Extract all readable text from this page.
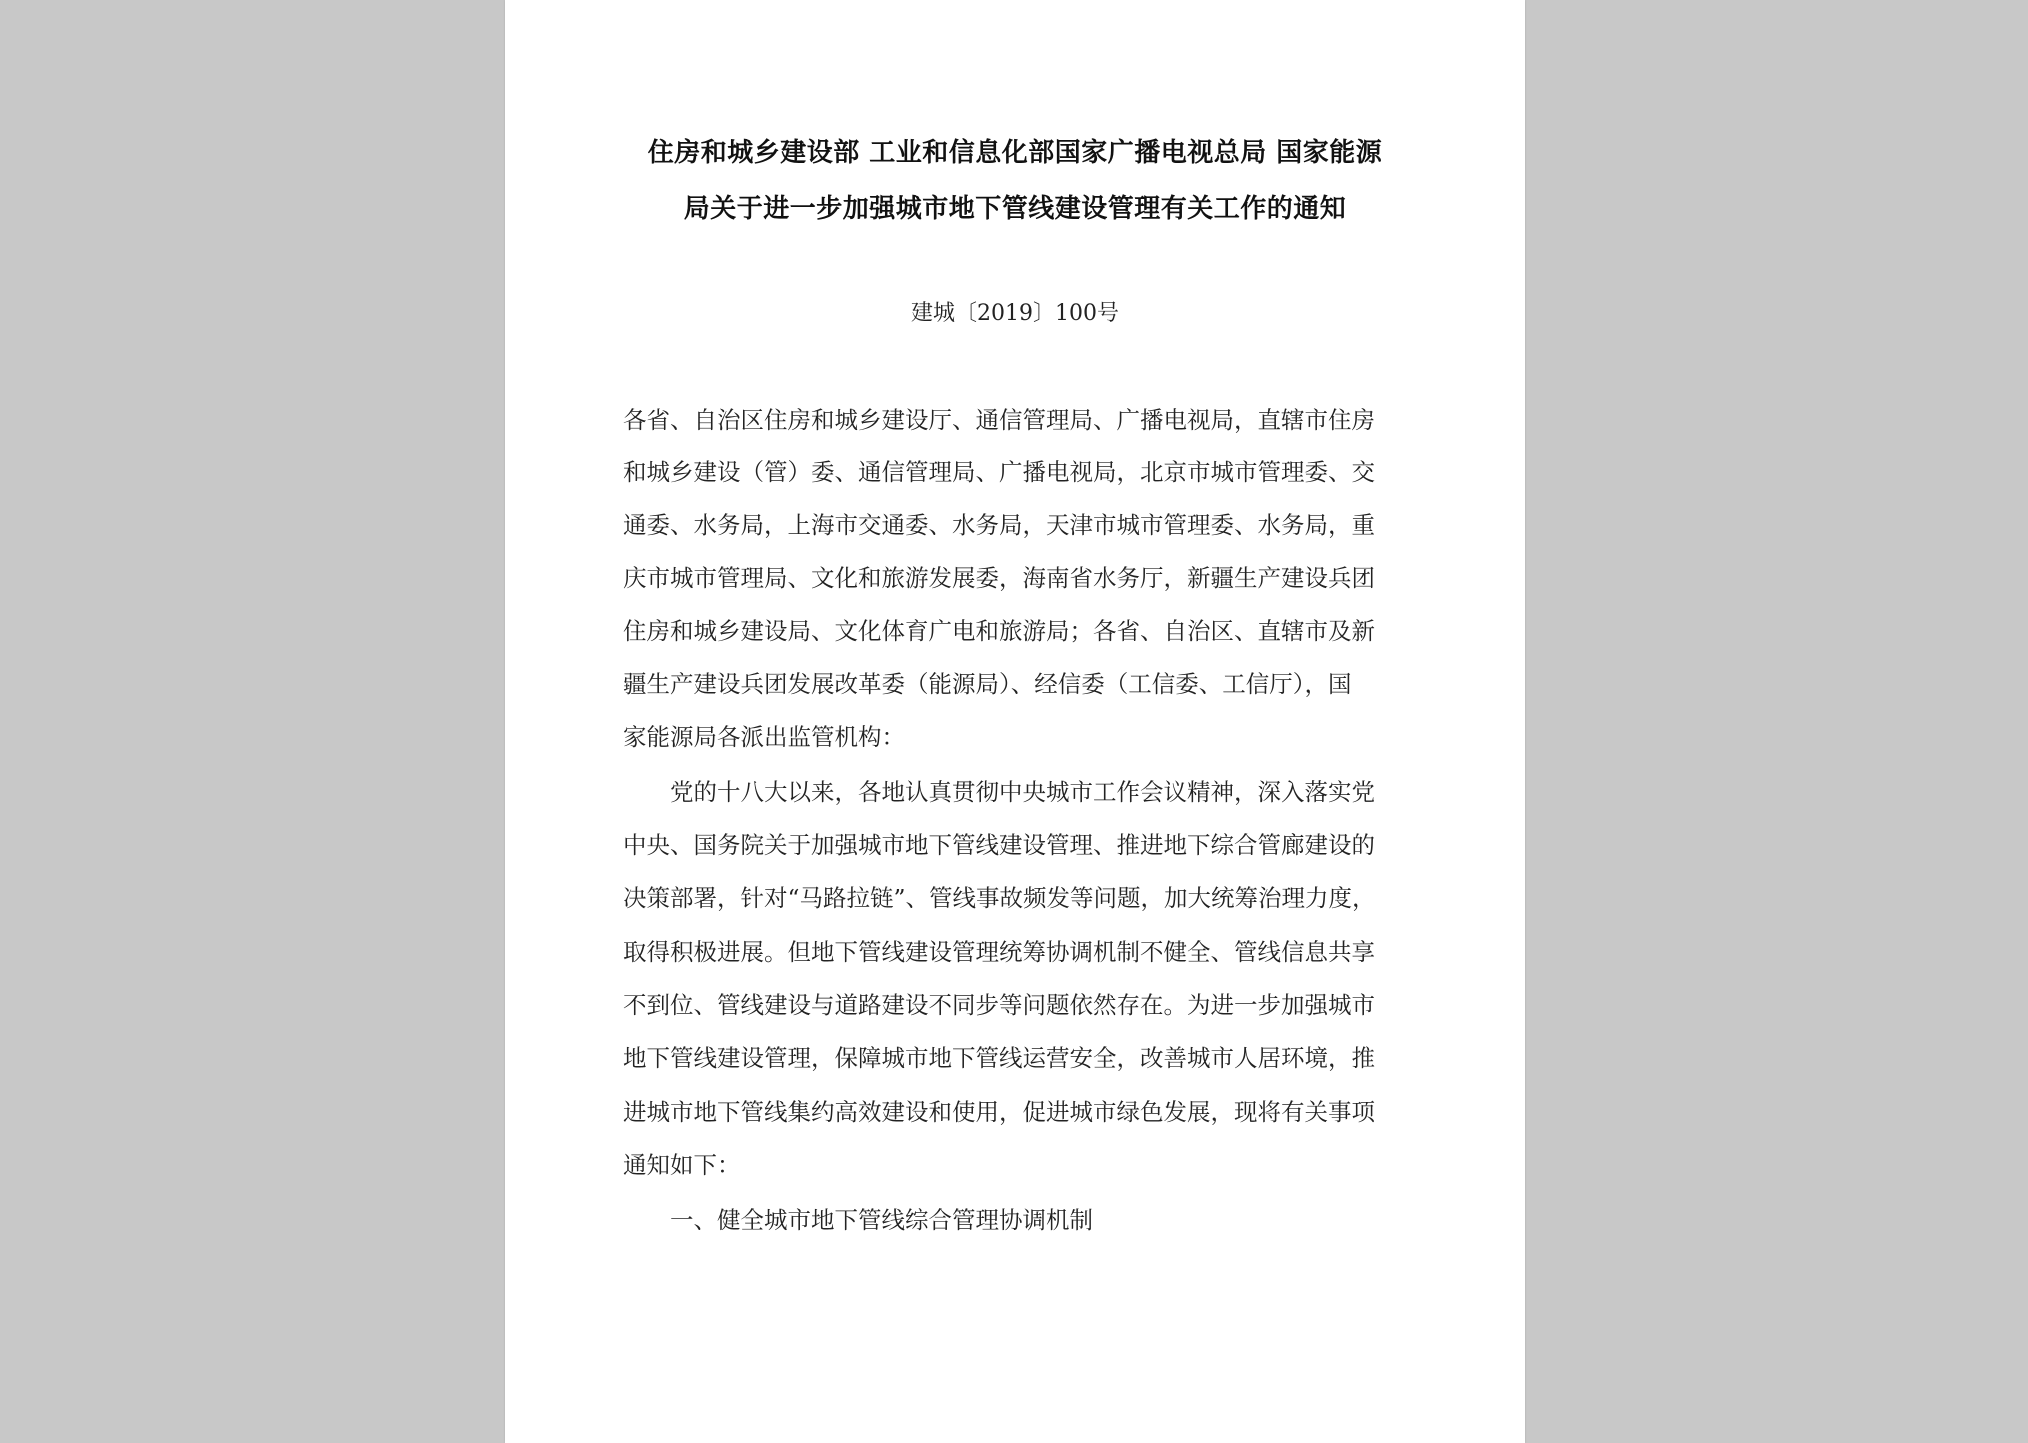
住房和城乡建设部 工业和信息化部国家广播电视总局 国家能源
局关于进一步加强城市地下管线建设管理有关工作的通知
建城〔2019〕100号
各省、自治区住房和城乡建设厅、通信管理局、广播电视局，直辖市住房
和城乡建设（管）委、通信管理局、广播电视局，北京市城市管理委、交
通委、水务局，上海市交通委、水务局，天津市城市管理委、水务局，重
庆市城市管理局、文化和旅游发展委，海南省水务厅，新疆生产建设兵团
住房和城乡建设局、文化体育广电和旅游局；各省、自治区、直辖市及新
疆生产建设兵团发展改革委（能源局）、经信委（工信委、工信厅），国
家能源局各派出监管机构：
党的十八大以来，各地认真贯彻中央城市工作会议精神，深入落实党
中央、国务院关于加强城市地下管线建设管理、推进地下综合管廊建设的
决策部署，针对“马路拉链”、管线事故频发等问题，加大统筹治理力度，
取得积极进展。但地下管线建设管理统筹协调机制不健全、管线信息共享
不到位、管线建设与道路建设不同步等问题依然存在。为进一步加强城市
地下管线建设管理，保障城市地下管线运营安全，改善城市人居环境，推
进城市地下管线集约高效建设和使用，促进城市绿色发展，现将有关事项
通知如下：
一、健全城市地下管线综合管理协调机制
